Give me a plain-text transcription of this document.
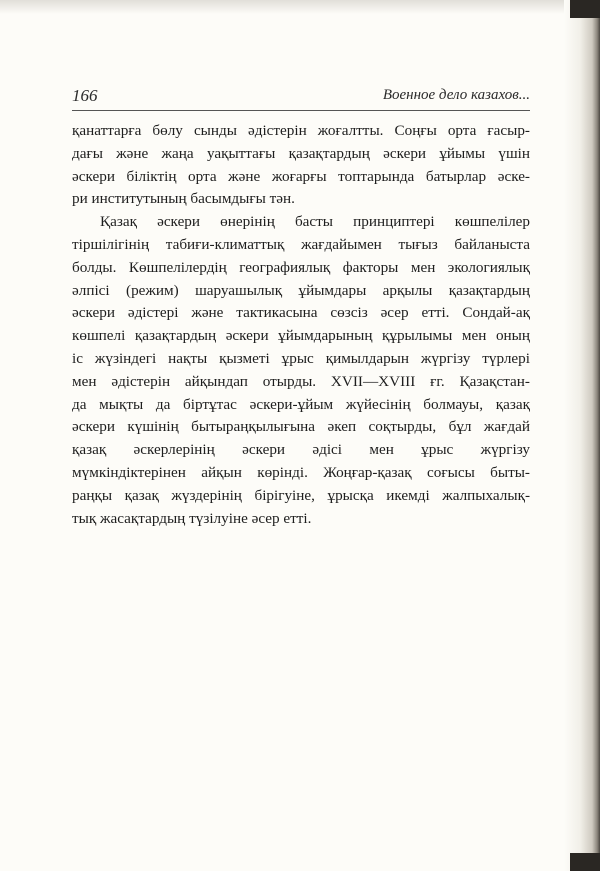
166	Военное дело казахов...
қанаттарға бөлу сынды әдістерін жоғалтты. Соңғы орта ғасыр-
дағы және жаңа уақыттағы қазақтардың әскери ұйымы үшін
әскери біліктің орта және жоғарғы топтарында батырлар әске-
ри институтының басымдығы тән.
Қазақ әскери өнерінің басты принциптері көшпелілер
тіршілігінің табиғи-климаттық жағдайымен тығыз байланыста
болды. Көшпелілердің географиялық факторы мен экологиялық
әлпісі (режим) шаруашылық ұйымдары арқылы қазақтардың
әскери әдістері және тактикасына сөзсіз әсер етті. Сондай-ақ
көшпелі қазақтардың әскери ұйымдарының құрылымы мен оның
іс жүзіндегі нақты қызметі ұрыс қимылдарын жүргізу түрлері
мен әдістерін айқындап отырды. XVII—XVIII ғг. Қазақстан-
да мықты да біртұтас әскери-ұйым жүйесінің болмауы, қазақ
әскери күшінің бытыраңқылығына әкеп соқтырды, бұл жағдай
қазақ әскерлерінің әскери әдісі мен ұрыс жүргізу
мүмкіндіктерінен айқын көрінді. Жоңғар-қазақ соғысы быты-
раңқы қазақ жүздерінің бірігуіне, ұрысқа икемді жалпыхалық-
тық жасақтардың түзілуіне әсер етті.
